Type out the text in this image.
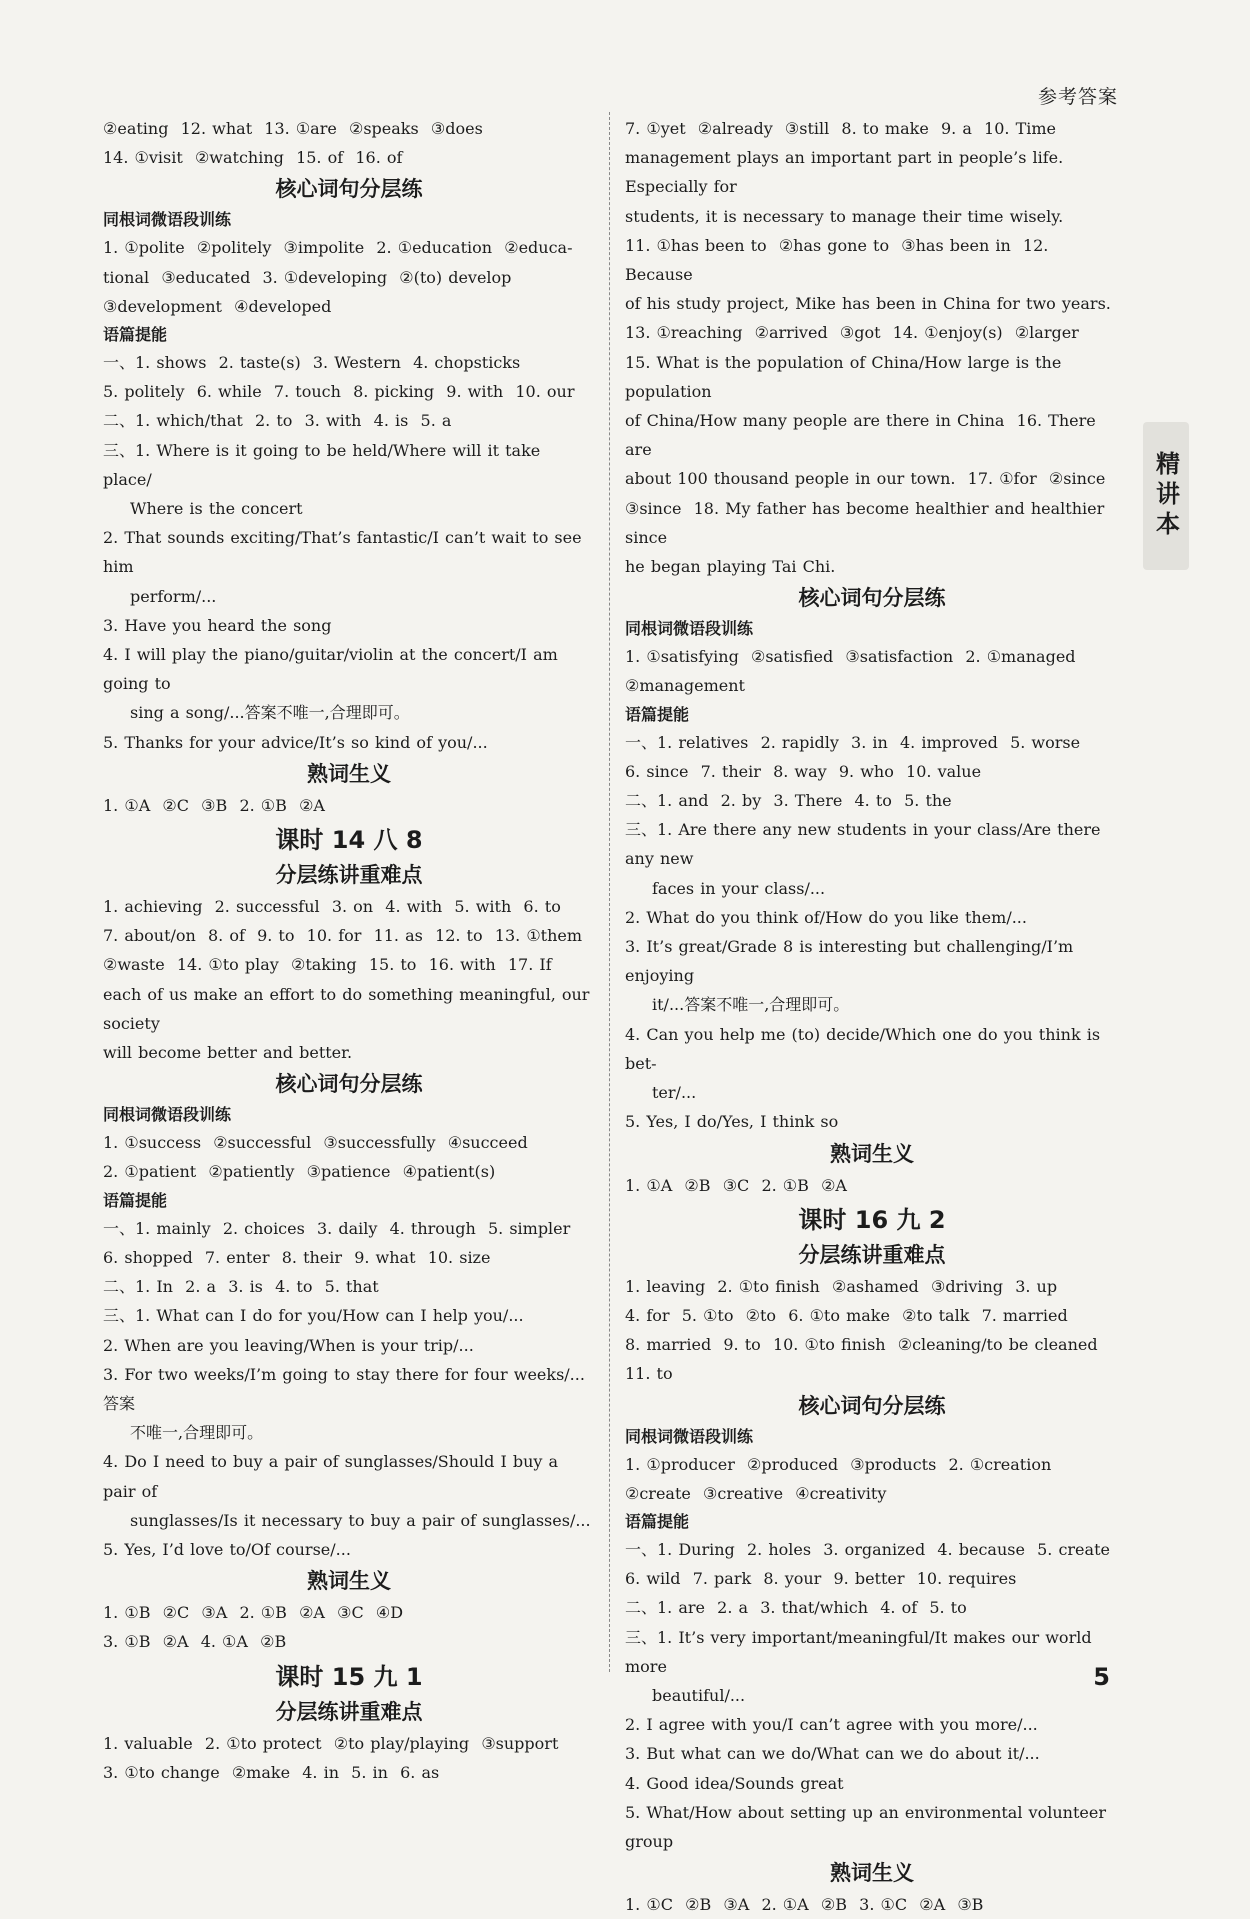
参考答案
精讲本
②eating  12. what  13. ①are  ②speaks  ③does
14. ①visit  ②watching  15. of  16. of
核心词句分层练
同根词微语段训练
1. ①polite  ②politely  ③impolite  2. ①education  ②educa-
tional  ③educated  3. ①developing  ②(to) develop
③development  ④developed
语篇提能
一、1. shows  2. taste(s)  3. Western  4. chopsticks
5. politely  6. while  7. touch  8. picking  9. with  10. our
二、1. which/that  2. to  3. with  4. is  5. a
三、1. Where is it going to be held/Where will it take place/
Where is the concert
2. That sounds exciting/That’s fantastic/I can’t wait to see him
perform/...
3. Have you heard the song
4. I will play the piano/guitar/violin at the concert/I am going to
sing a song/...答案不唯一,合理即可。
5. Thanks for your advice/It’s so kind of you/...
熟词生义
1. ①A  ②C  ③B  2. ①B  ②A
课时 14 八 8
分层练讲重难点
1. achieving  2. successful  3. on  4. with  5. with  6. to
7. about/on  8. of  9. to  10. for  11. as  12. to  13. ①them
②waste  14. ①to play  ②taking  15. to  16. with  17. If
each of us make an effort to do something meaningful, our society
will become better and better.
核心词句分层练
同根词微语段训练
1. ①success  ②successful  ③successfully  ④succeed
2. ①patient  ②patiently  ③patience  ④patient(s)
语篇提能
一、1. mainly  2. choices  3. daily  4. through  5. simpler
6. shopped  7. enter  8. their  9. what  10. size
二、1. In  2. a  3. is  4. to  5. that
三、1. What can I do for you/How can I help you/...
2. When are you leaving/When is your trip/...
3. For two weeks/I’m going to stay there for four weeks/...答案
不唯一,合理即可。
4. Do I need to buy a pair of sunglasses/Should I buy a pair of
sunglasses/Is it necessary to buy a pair of sunglasses/...
5. Yes, I’d love to/Of course/...
熟词生义
1. ①B  ②C  ③A  2. ①B  ②A  ③C  ④D
3. ①B  ②A  4. ①A  ②B
课时 15 九 1
分层练讲重难点
1. valuable  2. ①to protect  ②to play/playing  ③support
3. ①to change  ②make  4. in  5. in  6. as
7. ①yet  ②already  ③still  8. to make  9. a  10. Time
management plays an important part in people’s life. Especially for
students, it is necessary to manage their time wisely.
11. ①has been to  ②has gone to  ③has been in  12. Because
of his study project, Mike has been in China for two years.
13. ①reaching  ②arrived  ③got  14. ①enjoy(s)  ②larger
15. What is the population of China/How large is the population
of China/How many people are there in China  16. There are
about 100 thousand people in our town.  17. ①for  ②since
③since  18. My father has become healthier and healthier since
he began playing Tai Chi.
核心词句分层练
同根词微语段训练
1. ①satisfying  ②satisfied  ③satisfaction  2. ①managed
②management
语篇提能
一、1. relatives  2. rapidly  3. in  4. improved  5. worse
6. since  7. their  8. way  9. who  10. value
二、1. and  2. by  3. There  4. to  5. the
三、1. Are there any new students in your class/Are there any new
faces in your class/...
2. What do you think of/How do you like them/...
3. It’s great/Grade 8 is interesting but challenging/I’m enjoying
it/...答案不唯一,合理即可。
4. Can you help me (to) decide/Which one do you think is bet-
ter/...
5. Yes, I do/Yes, I think so
熟词生义
1. ①A  ②B  ③C  2. ①B  ②A
课时 16 九 2
分层练讲重难点
1. leaving  2. ①to finish  ②ashamed  ③driving  3. up
4. for  5. ①to  ②to  6. ①to make  ②to talk  7. married
8. married  9. to  10. ①to finish  ②cleaning/to be cleaned
11. to
核心词句分层练
同根词微语段训练
1. ①producer  ②produced  ③products  2. ①creation
②create  ③creative  ④creativity
语篇提能
一、1. During  2. holes  3. organized  4. because  5. create
6. wild  7. park  8. your  9. better  10. requires
二、1. are  2. a  3. that/which  4. of  5. to
三、1. It’s very important/meaningful/It makes our world more
beautiful/...
2. I agree with you/I can’t agree with you more/...
3. But what can we do/What can we do about it/...
4. Good idea/Sounds great
5. What/How about setting up an environmental volunteer group
熟词生义
1. ①C  ②B  ③A  2. ①A  ②B  3. ①C  ②A  ③B
5
